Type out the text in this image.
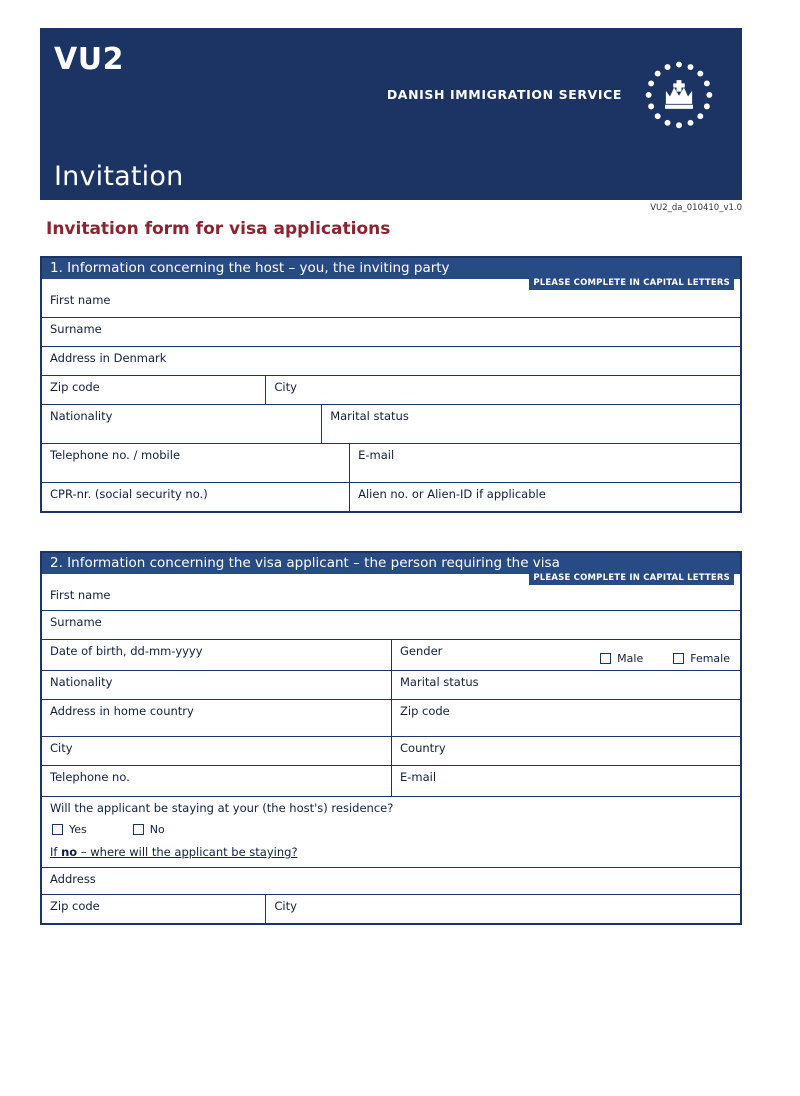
VU2
DANISH IMMIGRATION SERVICE
Invitation
VU2_da_010410_v1.0
Invitation form for visa applications
1. Information concerning the host – you, the inviting party
PLEASE COMPLETE IN CAPITAL LETTERS
First name
Surname
Address in Denmark
Zip code	City
Nationality	Marital status
Telephone no. / mobile	E-mail
CPR-nr. (social security no.)	Alien no. or Alien-ID if applicable
2. Information concerning the visa applicant – the person requiring the visa
PLEASE COMPLETE IN CAPITAL LETTERS
First name
Surname
Date of birth, dd-mm-yyyy	Gender
Male	Female
Nationality	Marital status
Address in home country	Zip code
City	Country
Telephone no.	E-mail
Will the applicant be staying at your (the host's) residence?
Yes	No
If no – where will the applicant be staying?
Address
Zip code	City
